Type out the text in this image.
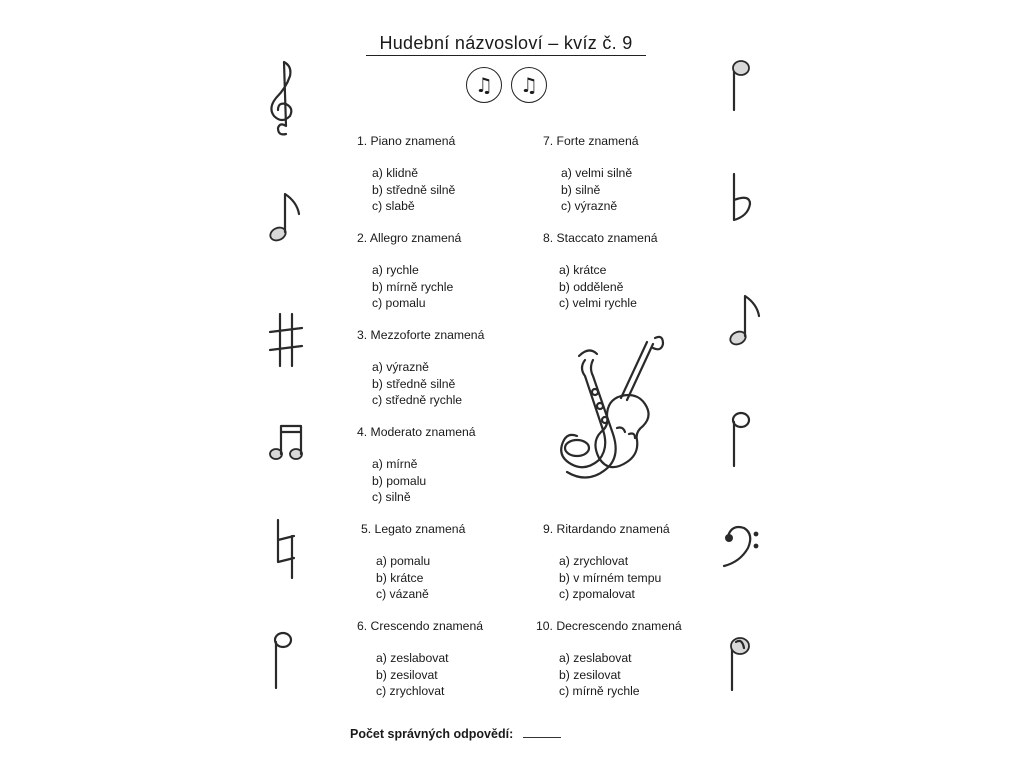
Hudební názvosloví – kvíz č. 9
♫ ♫
1. Piano znamená
a) klidně
b) středně silně
c) slabě
2. Allegro znamená
a) rychle
b) mírně rychle
c) pomalu
3. Mezzoforte znamená
a) výrazně
b) středně silně
c) středně rychle
4. Moderato znamená
a) mírně
b) pomalu
c) silně
5. Legato znamená
a) pomalu
b) krátce
c) vázaně
6. Crescendo znamená
a) zeslabovat
b) zesilovat
c) zrychlovat
7. Forte znamená
a) velmi silně
b) silně
c) výrazně
8. Staccato znamená
a) krátce
b) odděleně
c) velmi rychle
9. Ritardando znamená
a) zrychlovat
b) v mírném tempu
c) zpomalovat
10. Decrescendo znamená
a) zeslabovat
b) zesilovat
c) mírně rychle
Počet správných odpovědí:
